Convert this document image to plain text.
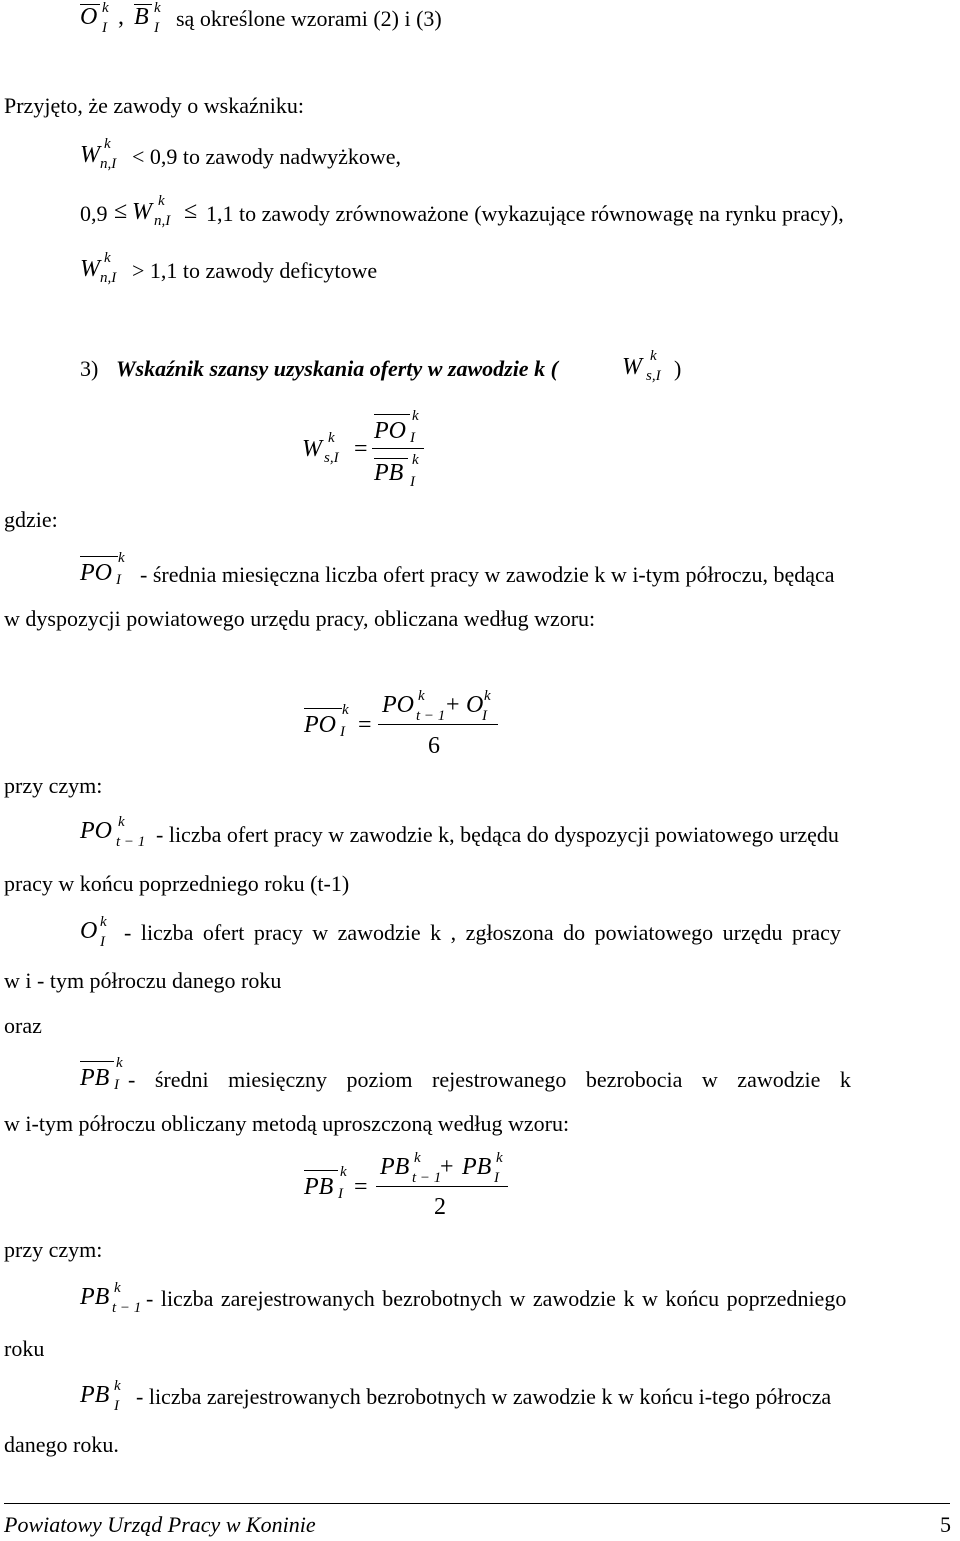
O k
I , B k
I są określone wzorami (2) i (3)
Przyjęto, że zawody o wskaźniku:
W k
n,I < 0,9 to zawody nadwyżkowe,
0,9 ≤ W k
n,I ≤ 1,1 to zawody zrównoważone (wykazujące równowagę na rynku pracy),
W k
n,I > 1,1 to zawody deficytowe
3) Wskaźnik szansy uzyskania oferty w zawodzie k (	W k
s,I )
W k
s,I =
PO
k
I
PB k
I
gdzie:
PO
k
I - średnia miesięczna liczba ofert pracy w zawodzie k w i-tym półroczu, będąca
w dyspozycji powiatowego urzędu pracy, obliczana według wzoru:
PO
k
I =
PO k
t − 1 + O k
I
6
przy czym:
PO k
t − 1 - liczba ofert pracy w zawodzie k, będąca do dyspozycji powiatowego urzędu
pracy w końcu poprzedniego roku (t-1)
O k
I - liczba ofert pracy w zawodzie k , zgłoszona do powiatowego urzędu pracy
w i - tym półroczu danego roku
oraz
PB
k
I - średni miesięczny poziom rejestrowanego bezrobocia w zawodzie k
w i-tym półroczu obliczany metodą uproszczoną według wzoru:
PB
k
I =
PB k
t − 1
+ PB k
I
2
przy czym:
PB k
t − 1 - liczba zarejestrowanych bezrobotnych w zawodzie k w końcu poprzedniego
roku
PB k
I - liczba zarejestrowanych bezrobotnych w zawodzie k w końcu i-tego półrocza
danego roku.
Powiatowy Urząd Pracy w Koninie	5
